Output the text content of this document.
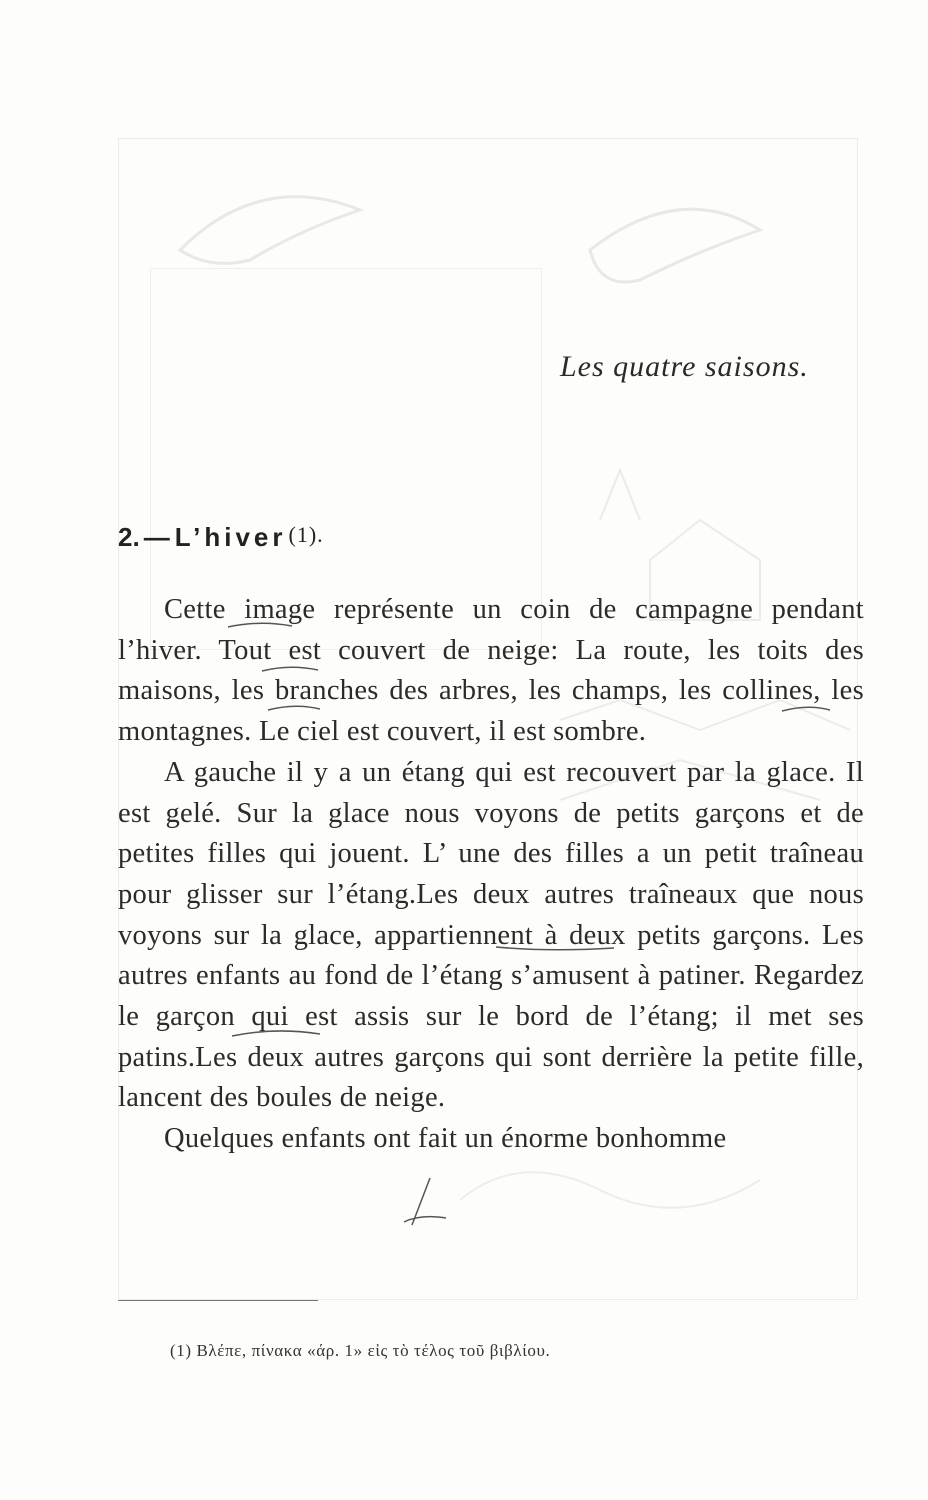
Les quatre saisons.
2. — L’hiver (1).

Cette image représente un coin de campagne pendant l’hiver. Tout est couvert de neige: La route, les toits des maisons, les branches des arbres, les champs, les collines, les montagnes. Le ciel est couvert, il est sombre.

A gauche il y a un étang qui est recouvert par la glace. Il est gelé. Sur la glace nous voyons de petits garçons et de petites filles qui jouent. L’ une des filles a un petit traîneau pour glisser sur l’étang.Les deux autres traîneaux que nous voyons sur la glace, appartiennent à deux petits garçons. Les autres enfants au fond de l’étang s’amusent à patiner. Regardez le garçon qui est assis sur le bord de l’étang; il met ses patins.Les deux autres garçons qui sont derrière la petite fille, lancent des boules de neige.

Quelques enfants ont fait un énorme bonhomme

(1) Βλέπε, πίνακα «άρ. 1» εἰς τὸ τέλος τοῦ βιβλίου.
